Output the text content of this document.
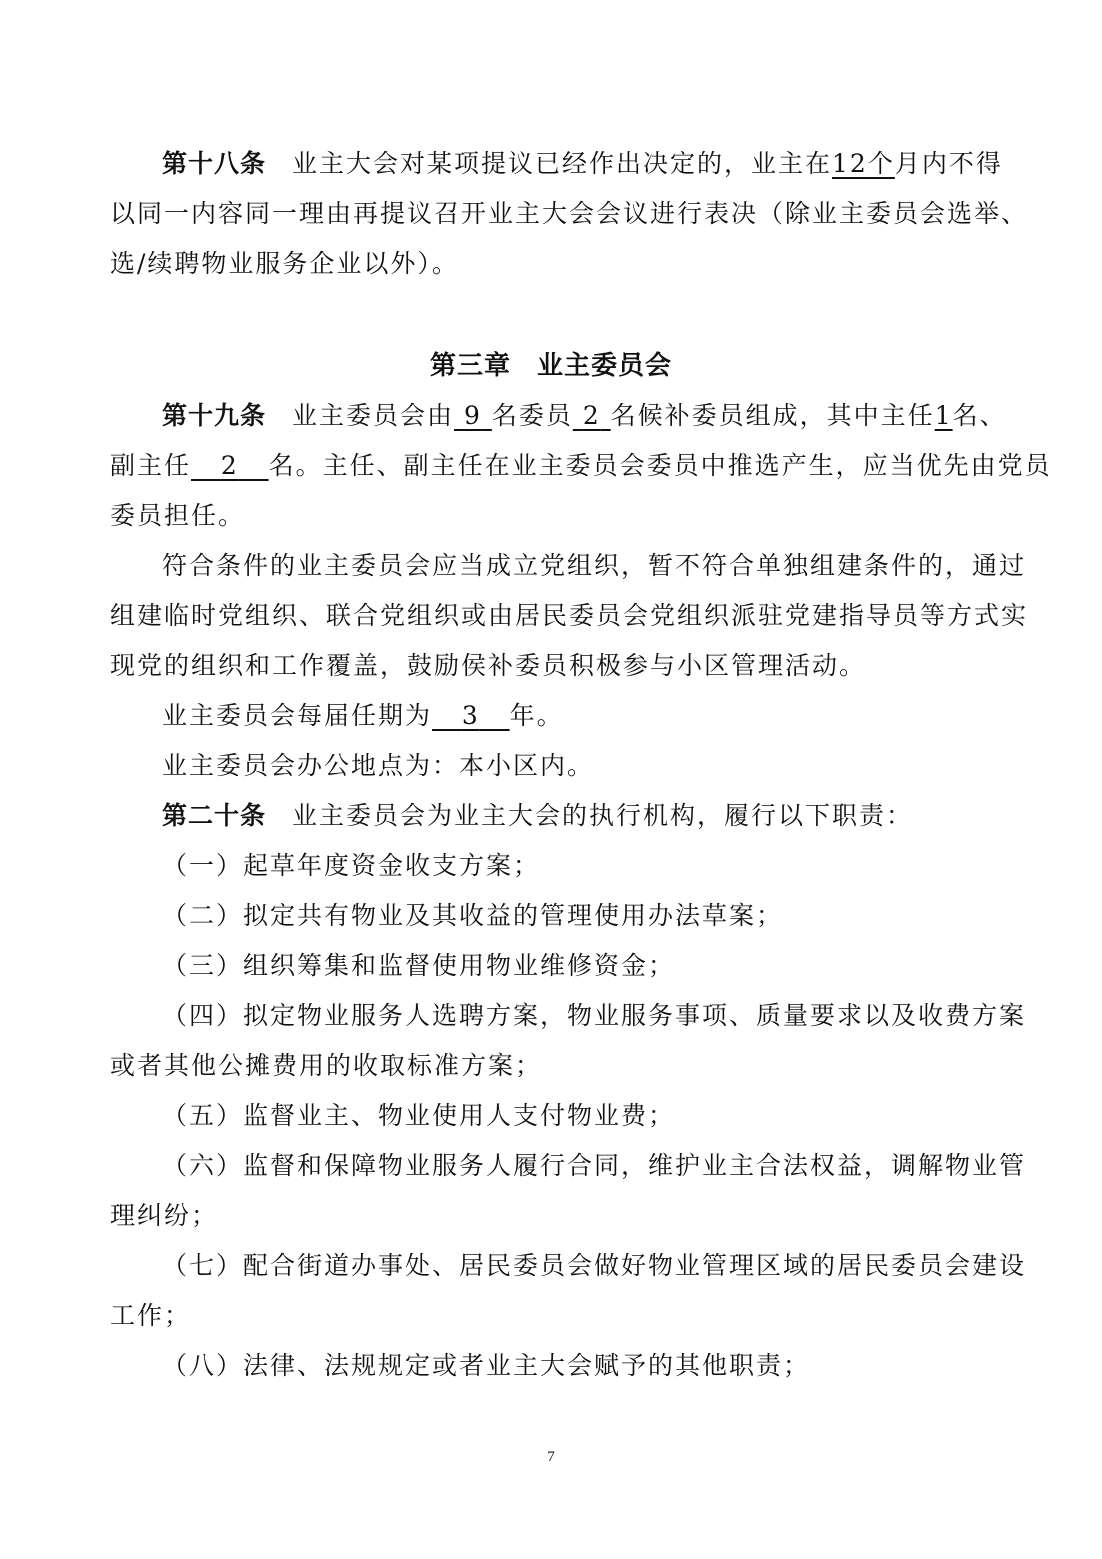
第十八条 业主大会对某项提议已经作出决定的，业主在12个月内不得
以同一内容同一理由再提议召开业主大会会议进行表决（除业主委员会选举、
选/续聘物业服务企业以外）。
第三章 业主委员会
第十九条 业主委员会由 9 名委员 2 名候补委员组成，其中主任1名、
副主任 2 名。主任、副主任在业主委员会委员中推选产生，应当优先由党员
委员担任。
符合条件的业主委员会应当成立党组织，暂不符合单独组建条件的，通过
组建临时党组织、联合党组织或由居民委员会党组织派驻党建指导员等方式实
现党的组织和工作覆盖，鼓励侯补委员积极参与小区管理活动。
业主委员会每届任期为 3 年。
业主委员会办公地点为：本小区内。
第二十条 业主委员会为业主大会的执行机构，履行以下职责：
（一）起草年度资金收支方案；
（二）拟定共有物业及其收益的管理使用办法草案；
（三）组织筹集和监督使用物业维修资金；
（四）拟定物业服务人选聘方案，物业服务事项、质量要求以及收费方案
或者其他公摊费用的收取标准方案；
（五）监督业主、物业使用人支付物业费；
（六）监督和保障物业服务人履行合同，维护业主合法权益，调解物业管
理纠纷；
（七）配合街道办事处、居民委员会做好物业管理区域的居民委员会建设
工作；
（八）法律、法规规定或者业主大会赋予的其他职责；
7
